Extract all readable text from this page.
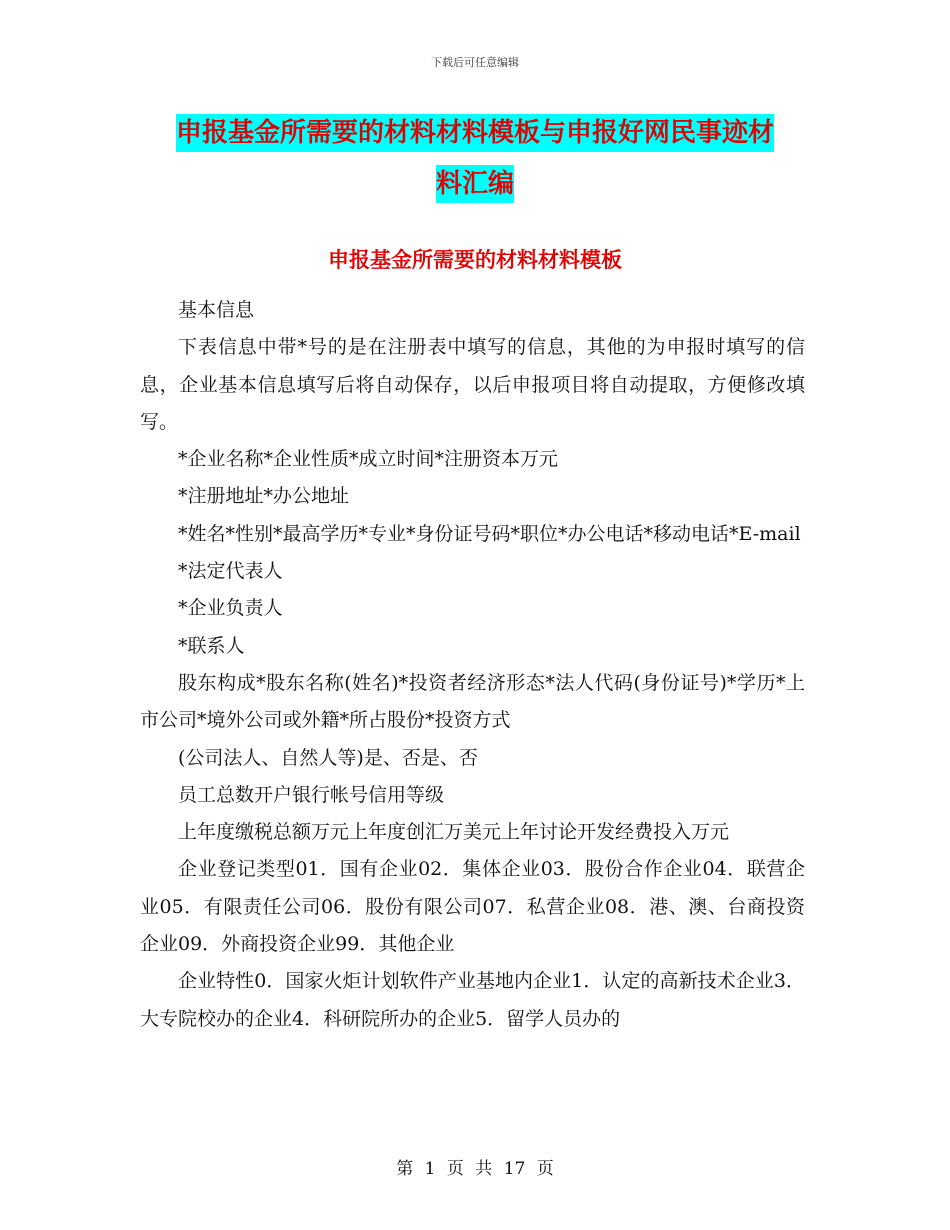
下载后可任意编辑
申报基金所需要的材料材料模板与申报好网民事迹材
料汇编
申报基金所需要的材料材料模板

基本信息

下表信息中带*号的是在注册表中填写的信息，其他的为申报时填写的信息，企业基本信息填写后将自动保存，以后申报项目将自动提取，方便修改填写。

*企业名称*企业性质*成立时间*注册资本万元

*注册地址*办公地址

*姓名*性别*最高学历*专业*身份证号码*职位*办公电话*移动电话*E-mail

*法定代表人

*企业负责人

*联系人

股东构成*股东名称(姓名)*投资者经济形态*法人代码(身份证号)*学历*上市公司*境外公司或外籍*所占股份*投资方式

(公司法人、自然人等)是、否是、否

员工总数开户银行帐号信用等级

上年度缴税总额万元上年度创汇万美元上年讨论开发经费投入万元

企业登记类型01．国有企业02．集体企业03．股份合作企业04．联营企业05．有限责任公司06．股份有限公司07．私营企业08．港、澳、台商投资企业09．外商投资企业99．其他企业

企业特性0．国家火炬计划软件产业基地内企业1．认定的高新技术企业3．大专院校办的企业4．科研院所办的企业5．留学人员办的

第 1 页 共 17 页
